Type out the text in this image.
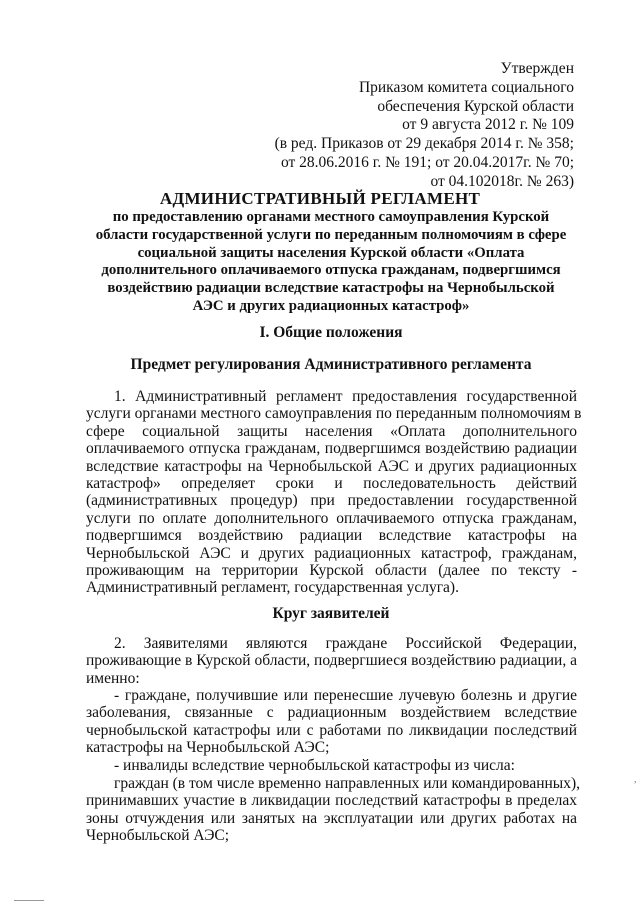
Утвержден
Приказом комитета социального
обеспечения Курской области
от 9 августа 2012 г. № 109
(в ред. Приказов от 29 декабря 2014 г. № 358;
от 28.06.2016 г. № 191; от 20.04.2017г. № 70;
от 04.102018г. № 263)
АДМИНИСТРАТИВНЫЙ РЕГЛАМЕНТ
по предоставлению органами местного самоуправления Курской
области государственной услуги по переданным полномочиям в сфере
социальной защиты населения Курской области «Оплата
дополнительного оплачиваемого отпуска гражданам, подвергшимся
воздействию радиации вследствие катастрофы на Чернобыльской
АЭС и других радиационных катастроф»
I. Общие положения
Предмет регулирования Административного регламента
1. Административный регламент предоставления государственной
услуги органами местного самоуправления по переданным полномочиям в
сфере социальной защиты населения «Оплата дополнительного
оплачиваемого отпуска гражданам, подвергшимся воздействию радиации
вследствие катастрофы на Чернобыльской АЭС и других радиационных
катастроф» определяет сроки и последовательность действий
(административных процедур) при предоставлении государственной
услуги по оплате дополнительного оплачиваемого отпуска гражданам,
подвергшимся воздействию радиации вследствие катастрофы на
Чернобыльской АЭС и других радиационных катастроф, гражданам,
проживающим на территории Курской области (далее по тексту -
Административный регламент, государственная услуга).
Круг заявителей
2. Заявителями являются граждане Российской Федерации,
проживающие в Курской области, подвергшиеся воздействию радиации, а
именно:
- граждане, получившие или перенесшие лучевую болезнь и другие
заболевания, связанные с радиационным воздействием вследствие
чернобыльской катастрофы или с работами по ликвидации последствий
катастрофы на Чернобыльской АЭС;
- инвалиды вследствие чернобыльской катастрофы из числа:
граждан (в том числе временно направленных или командированных),
принимавших участие в ликвидации последствий катастрофы в пределах
зоны отчуждения или занятых на эксплуатации или других работах на
Чернобыльской АЭС;
,
